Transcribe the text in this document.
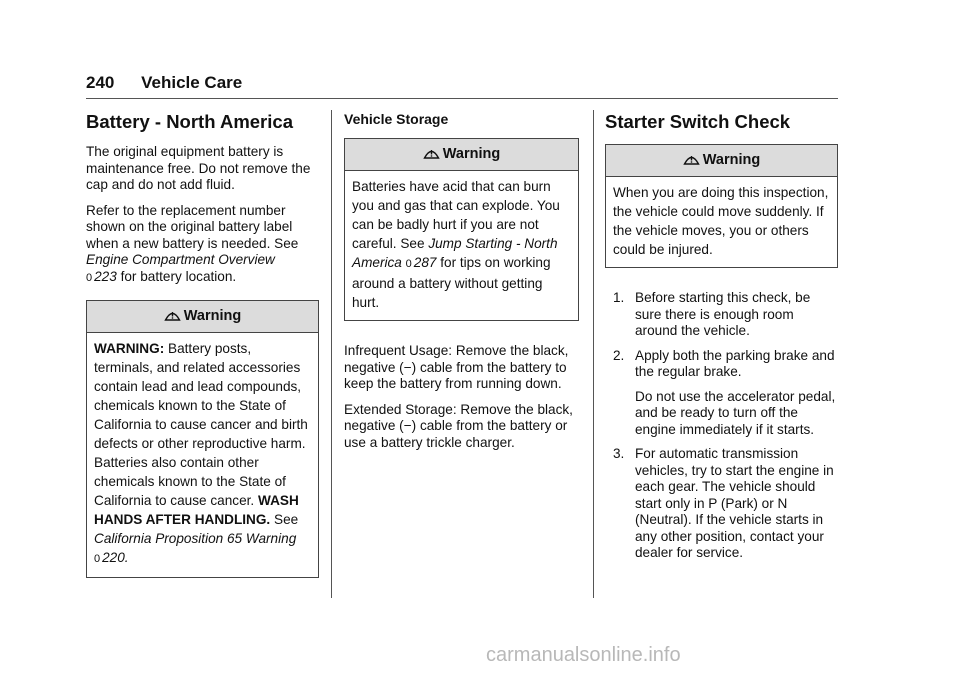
240 Vehicle Care
Battery - North America

The original equipment battery is maintenance free. Do not remove the cap and do not add fluid.

Refer to the replacement number shown on the original battery label when a new battery is needed. See Engine Compartment Overview
0 223 for battery location.

Warning
WARNING: Battery posts, terminals, and related accessories contain lead and lead compounds, chemicals known to the State of California to cause cancer and birth defects or other reproductive harm. Batteries also contain other chemicals known to the State of California to cause cancer. WASH HANDS AFTER HANDLING. See California Proposition 65 Warning 0 220.
Vehicle Storage
Warning
Batteries have acid that can burn you and gas that can explode. You can be badly hurt if you are not careful. See Jump Starting - North America 0 287 for tips on working around a battery without getting hurt.

Infrequent Usage: Remove the black, negative (−) cable from the battery to keep the battery from running down.

Extended Storage: Remove the black, negative (−) cable from the battery or use a battery trickle charger.

Starter Switch Check
Warning
When you are doing this inspection, the vehicle could move suddenly. If the vehicle moves, you or others could be injured.
1. Before starting this check, be sure there is enough room around the vehicle.
2. Apply both the parking brake and the regular brake.

Do not use the accelerator pedal, and be ready to turn off the engine immediately if it starts.

3. For automatic transmission vehicles, try to start the engine in each gear. The vehicle should start only in P (Park) or N (Neutral). If the vehicle starts in any other position, contact your dealer for service.
carmanualsonline.info
